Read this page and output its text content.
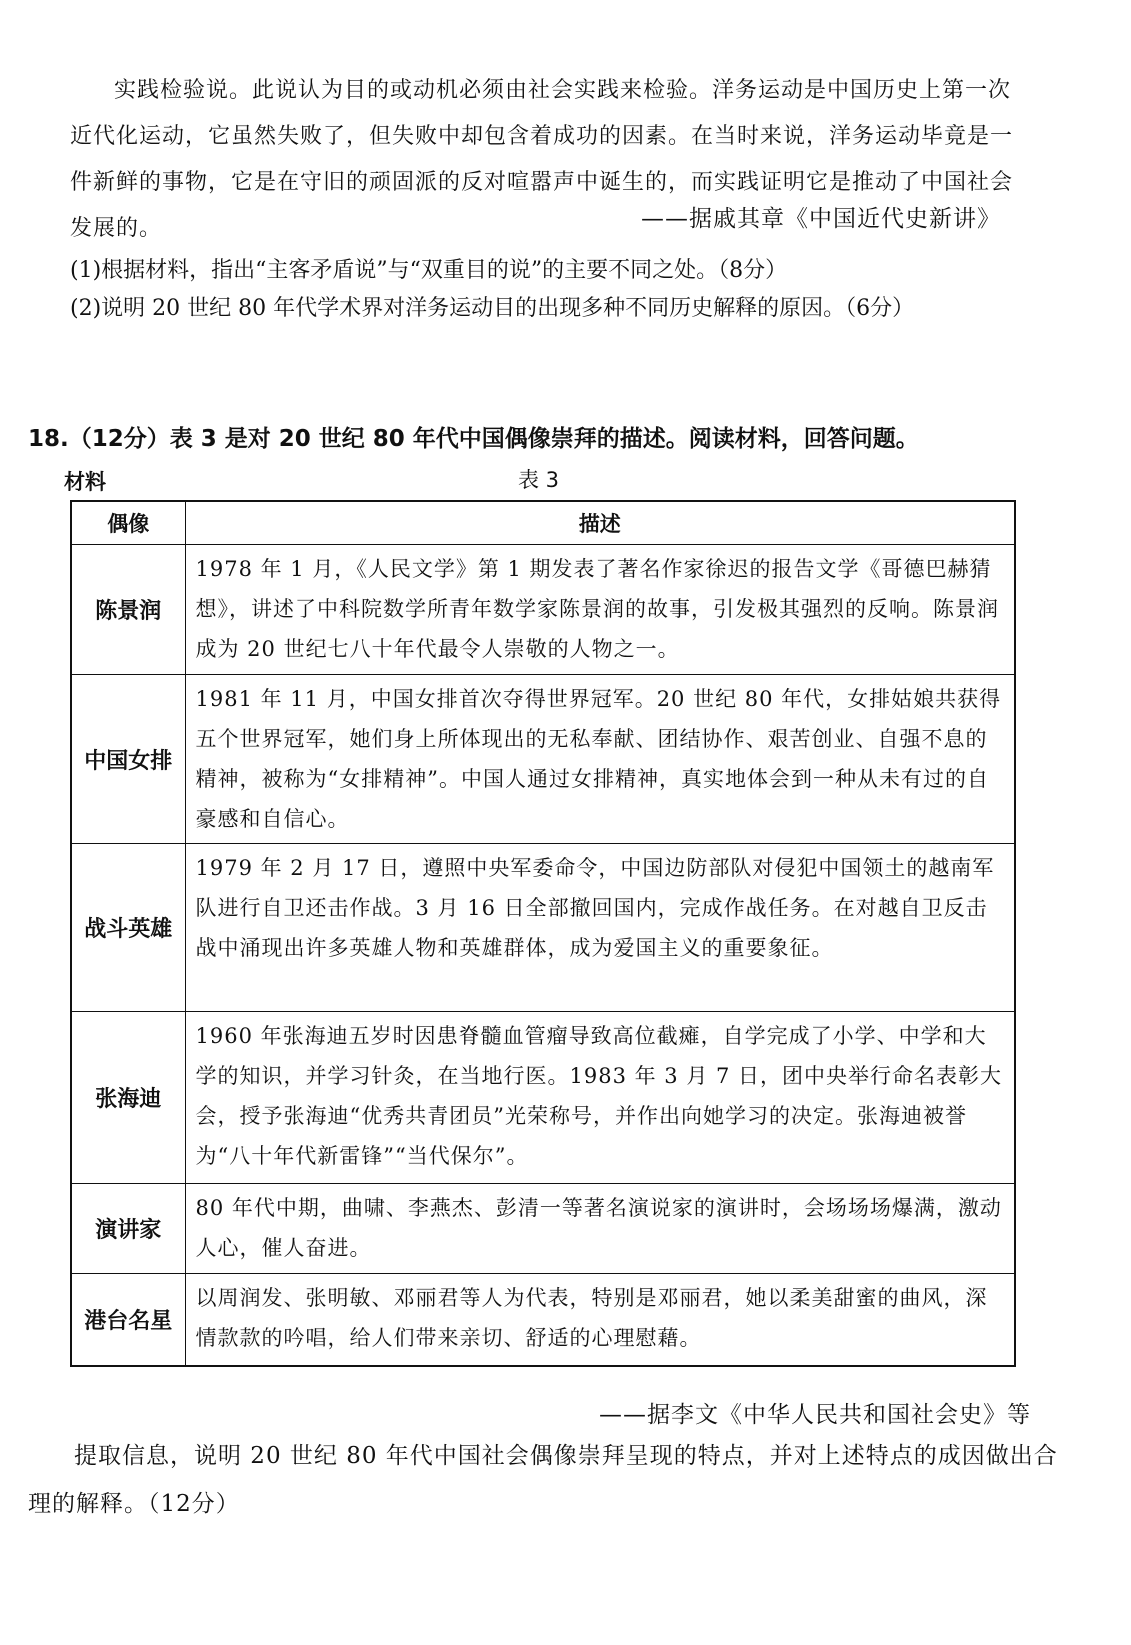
实践检验说。此说认为目的或动机必须由社会实践来检验。洋务运动是中国历史上第一次近代化运动，它虽然失败了，但失败中却包含着成功的因素。在当时来说，洋务运动毕竟是一件新鲜的事物，它是在守旧的顽固派的反对喧嚣声中诞生的，而实践证明它是推动了中国社会发展的。	——据戚其章《中国近代史新讲》
(1)根据材料，指出“主客矛盾说”与“双重目的说”的主要不同之处。（8分）
(2)说明 20 世纪 80 年代学术界对洋务运动目的出现多种不同历史解释的原因。（6分）
18.（12分）表 3 是对 20 世纪 80 年代中国偶像崇拜的描述。阅读材料，回答问题。
材料	表 3
偶像	描述
陈景润	1978 年 1 月，《人民文学》第 1 期发表了著名作家徐迟的报告文学《哥德巴赫猜想》，讲述了中科院数学所青年数学家陈景润的故事，引发极其强烈的反响。陈景润成为 20 世纪七八十年代最令人崇敬的人物之一。
中国女排	1981 年 11 月，中国女排首次夺得世界冠军。20 世纪 80 年代，女排姑娘共获得五个世界冠军，她们身上所体现出的无私奉献、团结协作、艰苦创业、自强不息的精神，被称为“女排精神”。中国人通过女排精神，真实地体会到一种从未有过的自豪感和自信心。
战斗英雄	1979 年 2 月 17 日，遵照中央军委命令，中国边防部队对侵犯中国领土的越南军队进行自卫还击作战。3 月 16 日全部撤回国内，完成作战任务。在对越自卫反击战中涌现出许多英雄人物和英雄群体，成为爱国主义的重要象征。
张海迪	1960 年张海迪五岁时因患脊髓血管瘤导致高位截瘫，自学完成了小学、中学和大学的知识，并学习针灸，在当地行医。1983 年 3 月 7 日，团中央举行命名表彰大会，授予张海迪“优秀共青团员”光荣称号，并作出向她学习的决定。张海迪被誉为“八十年代新雷锋”“当代保尔”。
演讲家	80 年代中期，曲啸、李燕杰、彭清一等著名演说家的演讲时，会场场场爆满，激动人心，催人奋进。
港台名星	以周润发、张明敏、邓丽君等人为代表，特别是邓丽君，她以柔美甜蜜的曲风，深情款款的吟唱，给人们带来亲切、舒适的心理慰藉。
——据李文《中华人民共和国社会史》等
提取信息，说明 20 世纪 80 年代中国社会偶像崇拜呈现的特点，并对上述特点的成因做出合理的解释。（12分）
